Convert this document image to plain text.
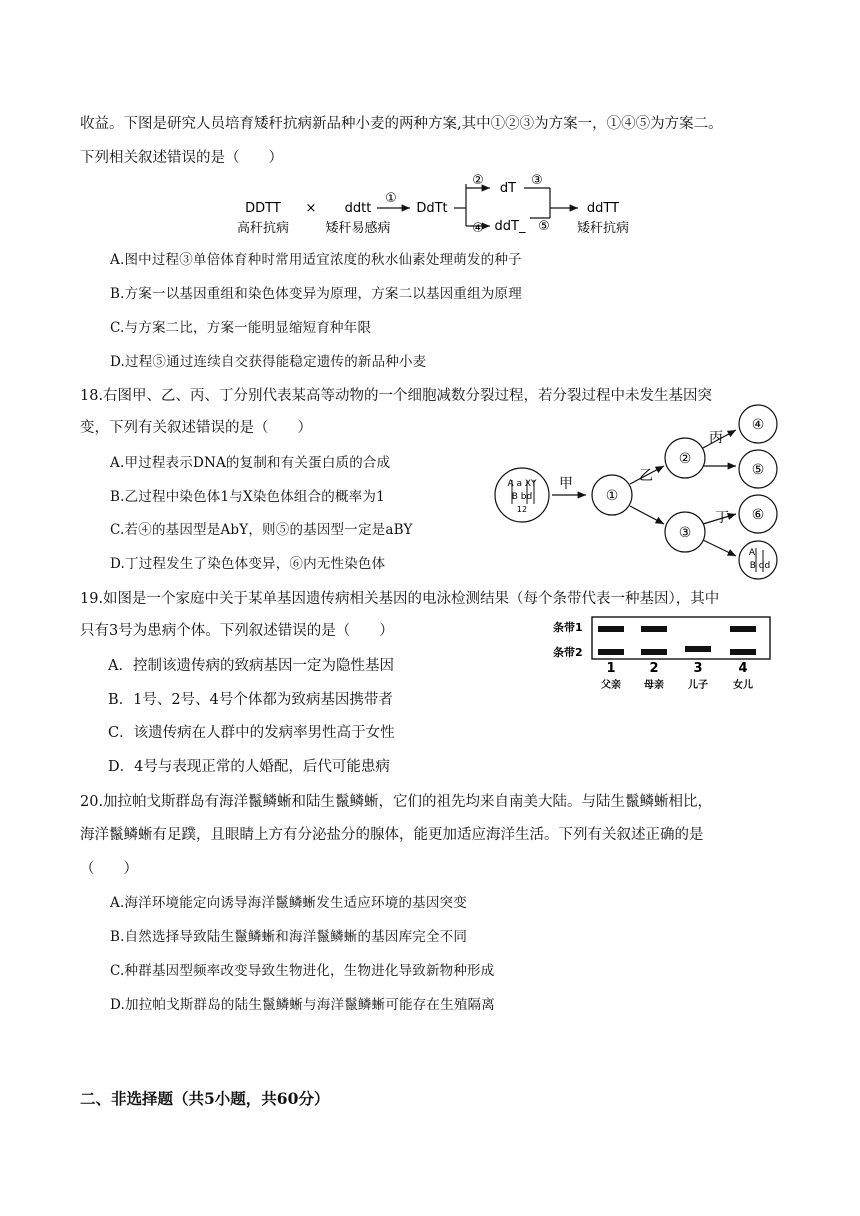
收益。下图是研究人员培育矮秆抗病新品种小麦的两种方案,其中①②③为方案一，①④⑤为方案二。
下列相关叙述错误的是（　　）
DDTT
高秆抗病
× ddtt
矮秆易感病
①
DdTt
②
dT
③
④ ddT_ ⑤
ddTT
矮秆抗病
A.图中过程③单倍体育种时常用适宜浓度的秋水仙素处理萌发的种子
B.方案一以基因重组和染色体变异为原理，方案二以基因重组为原理
C.与方案二比，方案一能明显缩短育种年限
D.过程⑤通过连续自交获得能稳定遗传的新品种小麦
18.右图甲、乙、丙、丁分别代表某高等动物的一个细胞减数分裂过程，若分裂过程中未发生基因突
变，下列有关叙述错误的是（　　）
A.甲过程表示DNA的复制和有关蛋白质的合成
B.乙过程中染色体1与X染色体组合的概率为1
C.若④的基因型是AbY，则⑤的基因型一定是aBY
D.丁过程发生了染色体变异，⑥内无性染色体
A a XY
B bd
12
甲
①
乙
②
③
丙
④
⑤
丁 ⑥
A
B dd
19.如图是一个家庭中关于某单基因遗传病相关基因的电泳检测结果（每个条带代表一种基因），其中
只有3号为患病个体。下列叙述错误的是（　　）
A．控制该遗传病的致病基因一定为隐性基因
B．1号、2号、4号个体都为致病基因携带者
C．该遗传病在人群中的发病率男性高于女性
D．4号与表现正常的人婚配，后代可能患病
条带1
条带2
1	2	3	4
父亲 母亲 儿子	女儿
20.加拉帕戈斯群岛有海洋鬣鳞蜥和陆生鬣鳞蜥，它们的祖先均来自南美大陆。与陆生鬣鳞蜥相比，
海洋鬣鳞蜥有足蹼，且眼睛上方有分泌盐分的腺体，能更加适应海洋生活。下列有关叙述正确的是
（　　）
A.海洋环境能定向诱导海洋鬣鳞蜥发生适应环境的基因突变
B.自然选择导致陆生鬣鳞蜥和海洋鬣鳞蜥的基因库完全不同
C.种群基因型频率改变导致生物进化，生物进化导致新物种形成
D.加拉帕戈斯群岛的陆生鬣鳞蜥与海洋鬣鳞蜥可能存在生殖隔离
二、非选择题（共5小题，共60分）
